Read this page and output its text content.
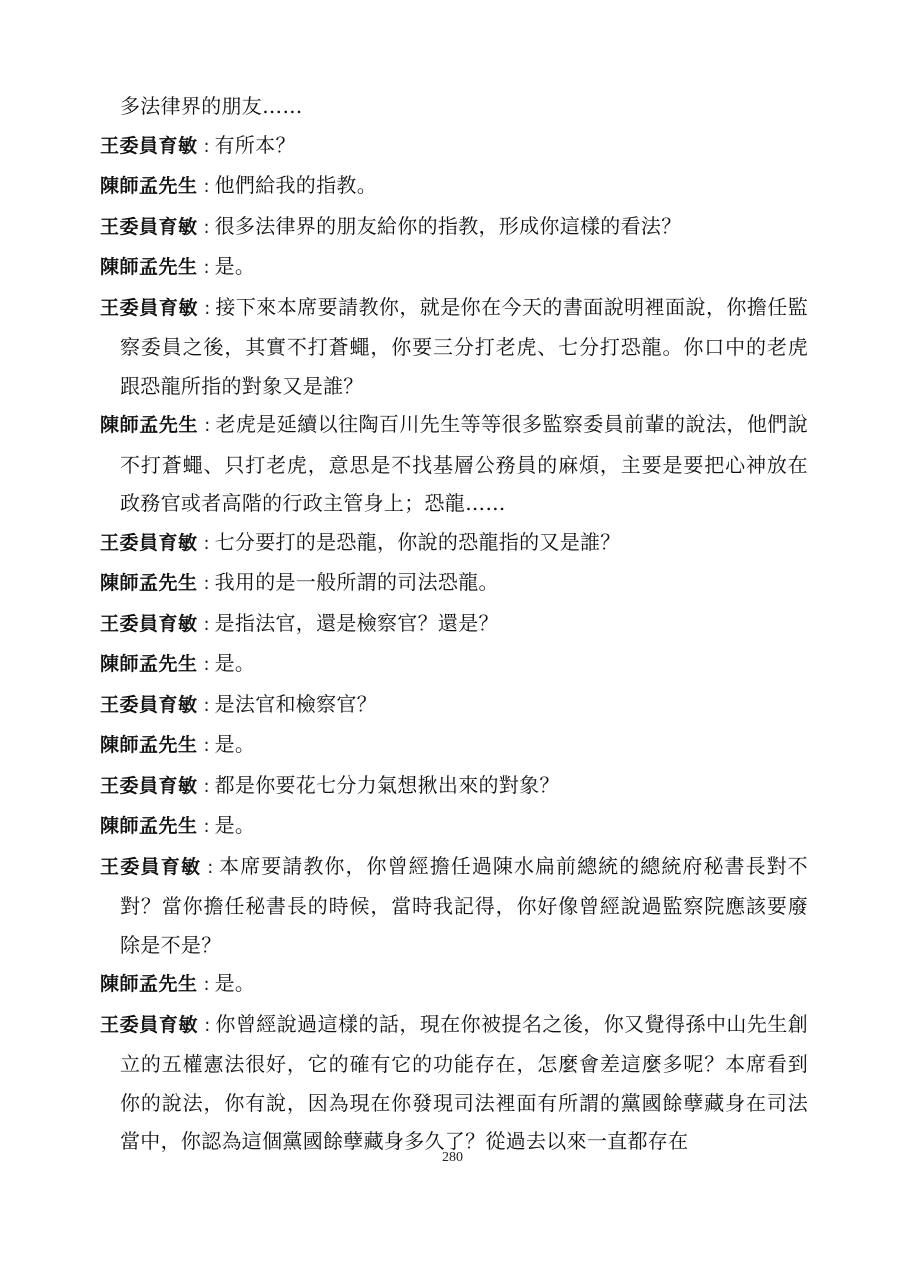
多法律界的朋友……

王委員育敏 : 有所本？

陳師孟先生 : 他們給我的指教。

王委員育敏 : 很多法律界的朋友給你的指教，形成你這樣的看法？

陳師孟先生 : 是。

王委員育敏 : 接下來本席要請教你，就是你在今天的書面說明裡面說，你擔任監察委員之後，其實不打蒼蠅，你要三分打老虎、七分打恐龍。你口中的老虎跟恐龍所指的對象又是誰？

陳師孟先生 : 老虎是延續以往陶百川先生等等很多監察委員前輩的說法，他們說不打蒼蠅、只打老虎，意思是不找基層公務員的麻煩，主要是要把心神放在政務官或者高階的行政主管身上；恐龍……

王委員育敏 : 七分要打的是恐龍，你說的恐龍指的又是誰？

陳師孟先生 : 我用的是一般所謂的司法恐龍。

王委員育敏 : 是指法官，還是檢察官？還是？

陳師孟先生 : 是。

王委員育敏 : 是法官和檢察官？

陳師孟先生 : 是。

王委員育敏 : 都是你要花七分力氣想揪出來的對象？

陳師孟先生 : 是。

王委員育敏 : 本席要請教你，你曾經擔任過陳水扁前總統的總統府秘書長對不對？當你擔任秘書長的時候，當時我記得，你好像曾經說過監察院應該要廢除是不是？

陳師孟先生 : 是。

王委員育敏 : 你曾經說過這樣的話，現在你被提名之後，你又覺得孫中山先生創立的五權憲法很好，它的確有它的功能存在，怎麼會差這麼多呢？本席看到你的說法，你有說，因為現在你發現司法裡面有所謂的黨國餘孽藏身在司法當中，你認為這個黨國餘孽藏身多久了？從過去以來一直都存在

280
